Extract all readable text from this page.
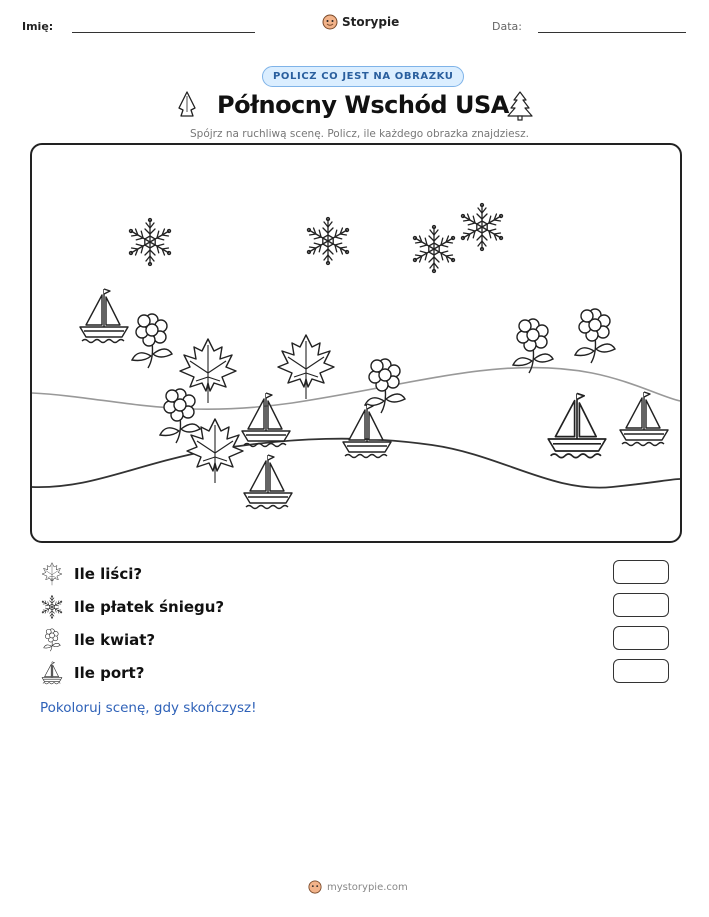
Imię:	Storypie	Data:
POLICZ CO JEST NA OBRAZKU
Północny Wschód USA
Spójrz na ruchliwą scenę. Policz, ile każdego obrazka znajdziesz.
Ile liści?
Ile płatek śniegu?
Ile kwiat?
Ile port?
Pokoloruj scenę, gdy skończysz!
mystorypie.com
